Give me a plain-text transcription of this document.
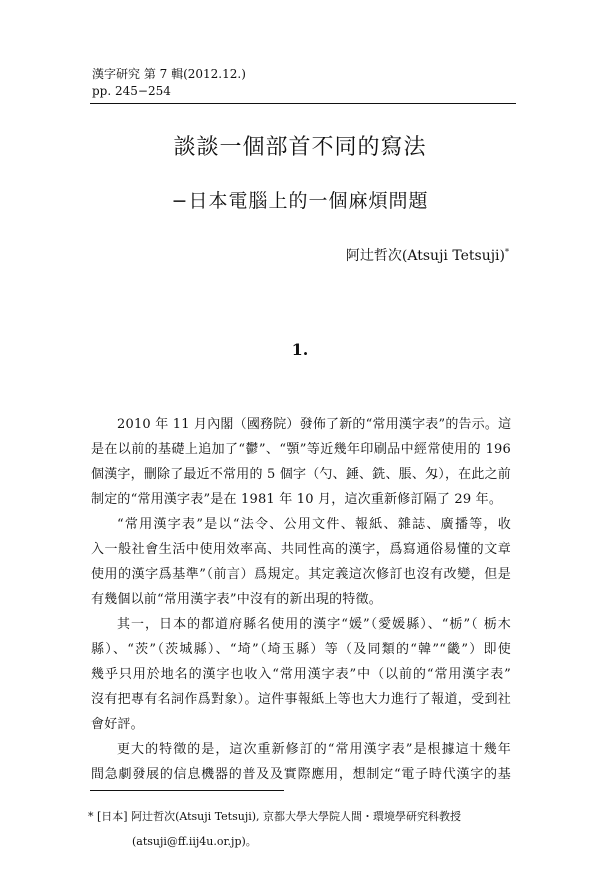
漢字研究 第 7 輯(2012.12.)
pp. 245−254
談談一個部首不同的寫法
−日本電腦上的一個麻煩問題
阿辻哲次(Atsuji Tetsuji)*
1.
2010 年 11 月內閣（國務院）發佈了新的“常用漢字表”的告示。這
是在以前的基礎上追加了“鬱”、“顎”等近幾年印刷品中經常使用的 196
個漢字，刪除了最近不常用的 5 個字（勺、錘、銑、脹、匁），在此之前
制定的“常用漢字表”是在 1981 年 10 月，這次重新修訂隔了 29 年。
“常用漢字表”是以“法令、公用文件、報紙、雜誌、廣播等，收
入一般社會生活中使用效率高、共同性高的漢字，爲寫通俗易懂的文章
使用的漢字爲基準”（前言）爲規定。其定義這次修訂也沒有改變，但是
有幾個以前“常用漢字表”中沒有的新出現的特徵。
其一，日本的都道府縣名使用的漢字“媛”（愛媛縣）、“栃”（ 栃木
縣）、“茨”（茨城縣）、“埼”（埼玉縣）等（及同類的“韓”“畿”）即使
幾乎只用於地名的漢字也收入“常用漢字表”中（以前的“常用漢字表”
沒有把專有名詞作爲對象）。這件事報紙上等也大力進行了報道，受到社
會好評。
更大的特徵的是，這次重新修訂的“常用漢字表”是根據這十幾年
間急劇發展的信息機器的普及及實際應用，想制定“電子時代漢字的基
* [日本] 阿辻哲次(Atsuji Tetsuji), 京都大學大學院人間・環境學研究科教授
(atsuji@ff.iij4u.or.jp)。
